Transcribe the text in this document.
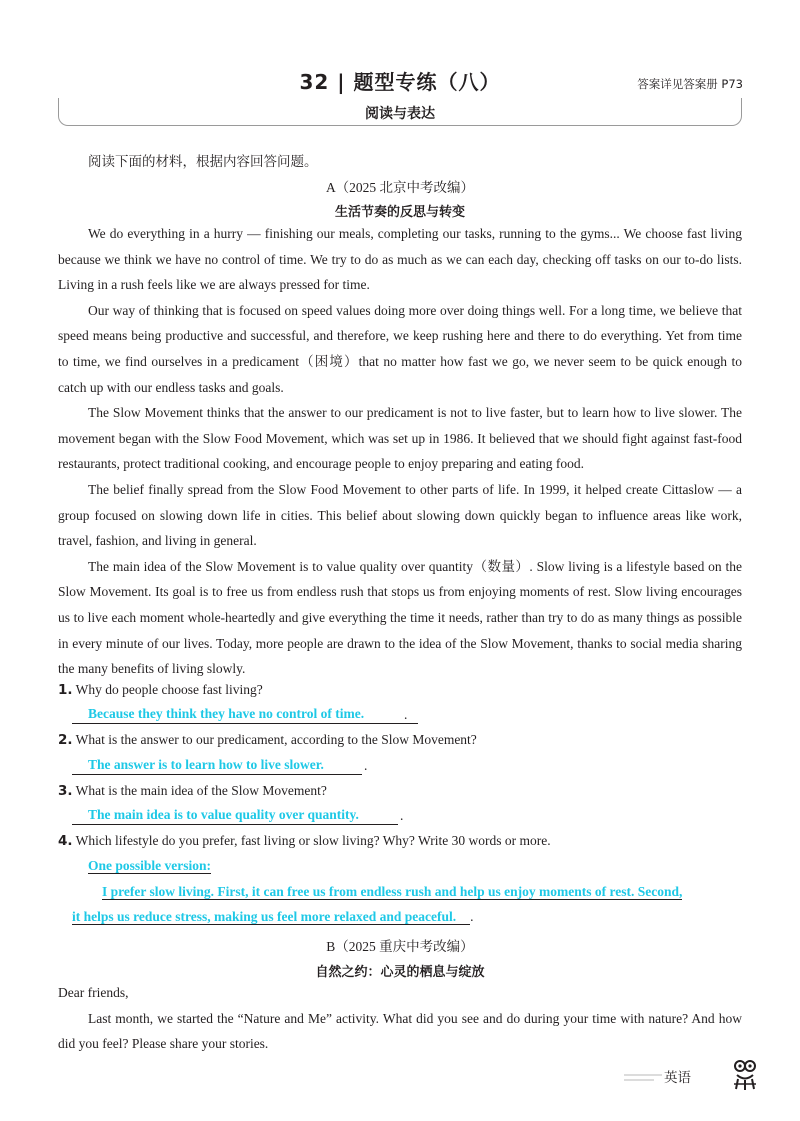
32 | 题型专练（八）	答案详见答案册 P73
阅读与表达
阅读下面的材料，根据内容回答问题。
A（2025 北京中考改编）
生活节奏的反思与转变

We do everything in a hurry — finishing our meals, completing our tasks, running to the gyms... We choose fast living because we think we have no control of time. We try to do as much as we can each day, checking off tasks on our to-do lists. Living in a rush feels like we are always pressed for time.

Our way of thinking that is focused on speed values doing more over doing things well. For a long time, we believe that speed means being productive and successful, and therefore, we keep rushing here and there to do everything. Yet from time to time, we find ourselves in a predicament（困境）that no matter how fast we go, we never seem to be quick enough to catch up with our endless tasks and goals.

The Slow Movement thinks that the answer to our predicament is not to live faster, but to learn how to live slower. The movement began with the Slow Food Movement, which was set up in 1986. It believed that we should fight against fast-food restaurants, protect traditional cooking, and encourage people to enjoy preparing and eating food.

The belief finally spread from the Slow Food Movement to other parts of life. In 1999, it helped create Cittaslow — a group focused on slowing down life in cities. This belief about slowing down quickly began to influence areas like work, travel, fashion, and living in general.

The main idea of the Slow Movement is to value quality over quantity（数量）. Slow living is a lifestyle based on the Slow Movement. Its goal is to free us from endless rush that stops us from enjoying moments of rest. Slow living encourages us to live each moment whole-heartedly and give everything the time it needs, rather than try to do as many things as possible in every minute of our lives. Today, more people are drawn to the idea of the Slow Movement, thanks to social media sharing the many benefits of living slowly.

1. Why do people choose fast living?
Because they think they have no control of time.	.
2. What is the answer to our predicament, according to the Slow Movement?
The answer is to learn how to live slower.	.
3. What is the main idea of the Slow Movement?
The main idea is to value quality over quantity.	.
4. Which lifestyle do you prefer, fast living or slow living? Why? Write 30 words or more.
One possible version:
I prefer slow living. First, it can free us from endless rush and help us enjoy moments of rest. Second,
it helps us reduce stress, making us feel more relaxed and peaceful. .
B（2025 重庆中考改编）
自然之约：心灵的栖息与绽放
Dear friends,

Last month, we started the “Nature and Me” activity. What did you see and do during your time with nature? And how did you feel? Please share your stories.

英语
